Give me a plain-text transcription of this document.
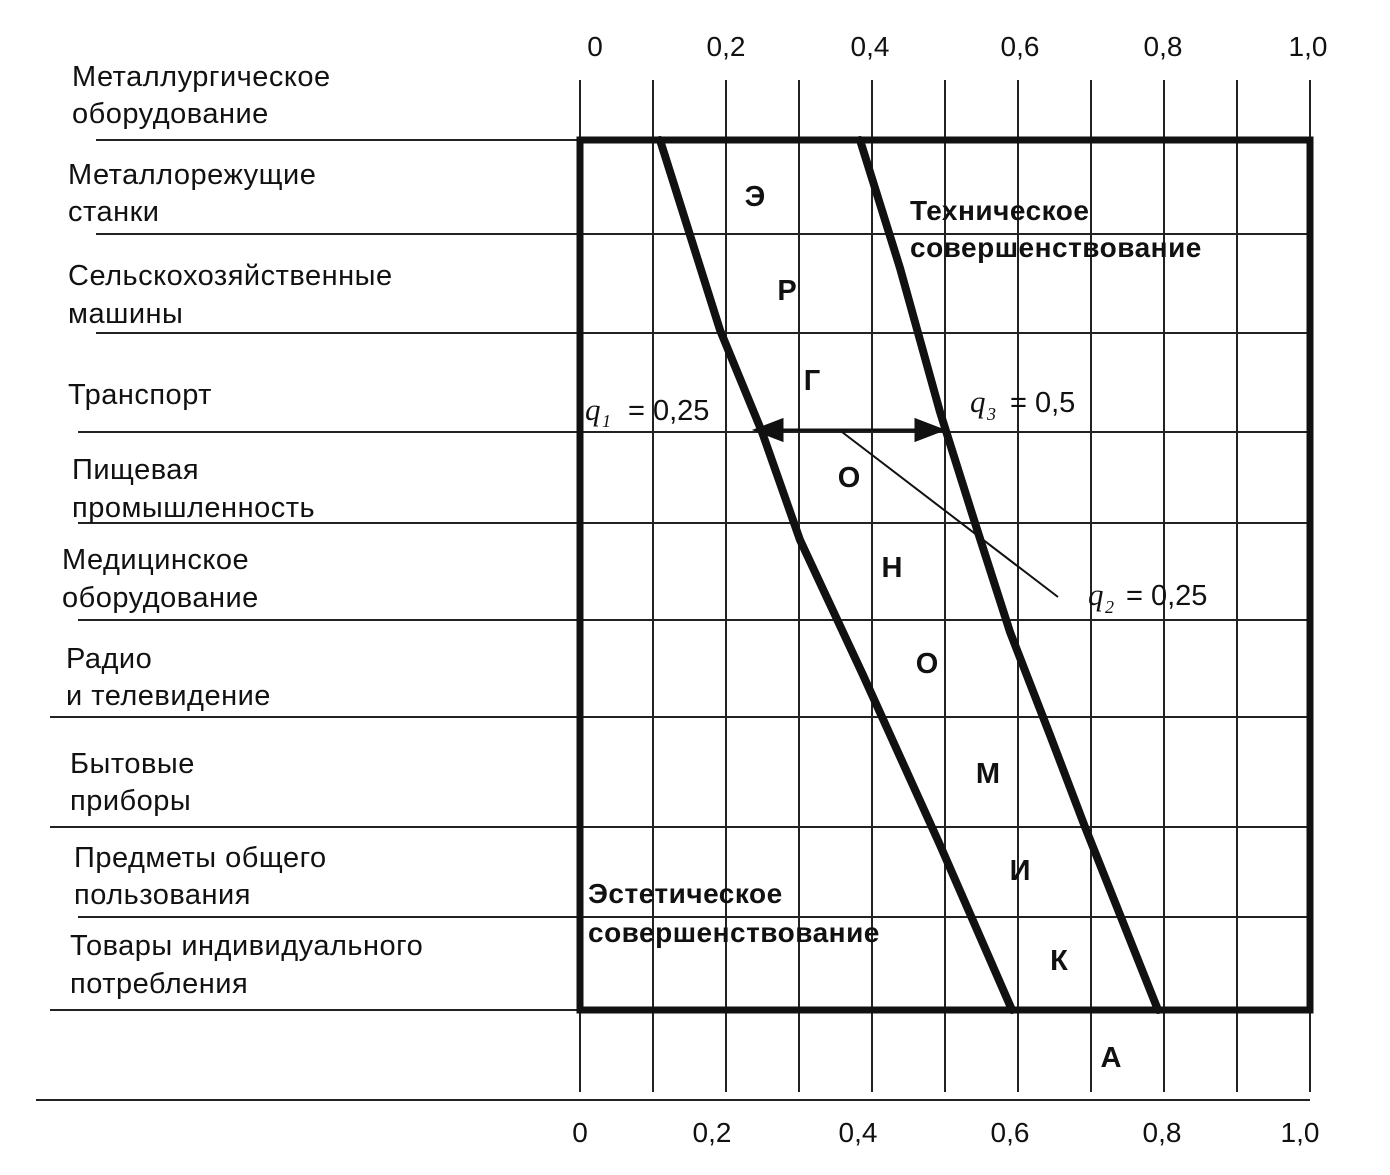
0	0,2	0,4	0,6	0,8	1,0
0	0,2	0,4	0,6	0,8	1,0
Металлургическое
оборудование
Металлорежущие
станки
Сельскохозяйственные
машины
Транспорт
Пищевая
промышленность
Медицинское
оборудование
Радио
и телевидение
Бытовые
приборы
Предметы общего
пользования
Товары индивидуального
потребления
q 1 = 0,25	q 3 = 0,5
q 2 = 0,25
Техническое
совершенствование
Эстетическое
совершенствование
Э
Р
Г
О
Н
О
М
И
К
А
